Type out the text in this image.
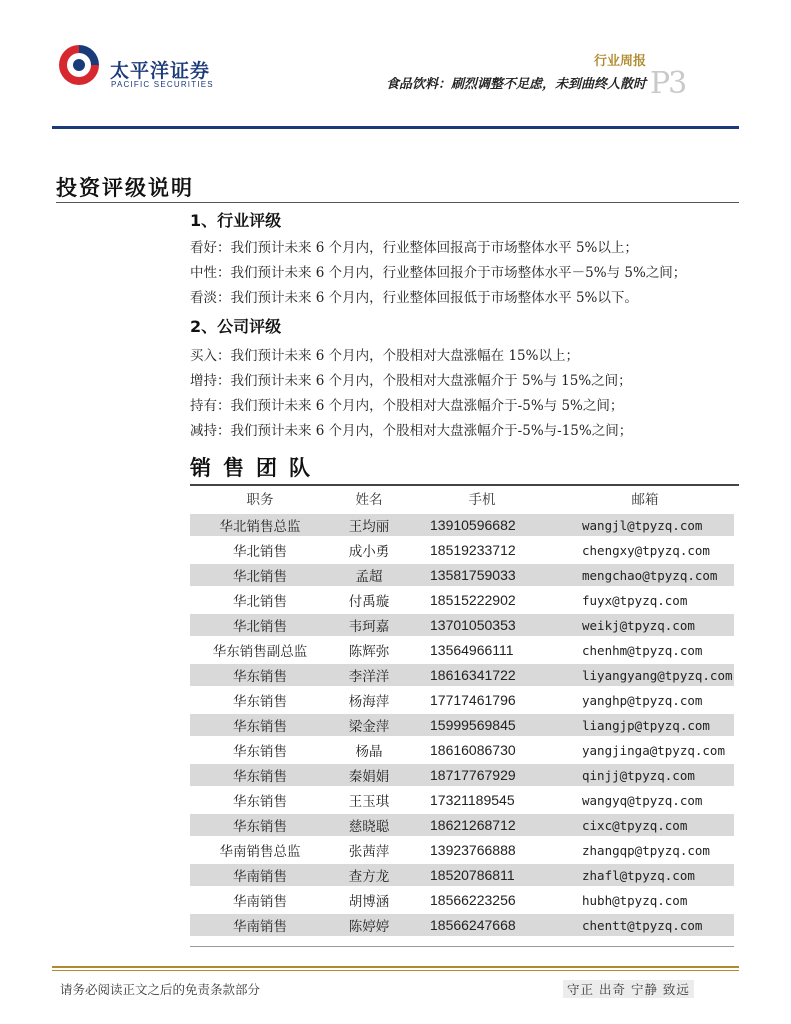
太平洋证券
PACIFIC SECURITIES
行业周报
食品饮料：刷烈调整不足虑，未到曲终人散时 P3
投资评级说明
1、行业评级
看好：我们预计未来 6 个月内，行业整体回报高于市场整体水平 5%以上；
中性：我们预计未来 6 个月内，行业整体回报介于市场整体水平－5%与 5%之间；
看淡：我们预计未来 6 个月内，行业整体回报低于市场整体水平 5%以下。
2、公司评级
买入：我们预计未来 6 个月内，个股相对大盘涨幅在 15%以上；
增持：我们预计未来 6 个月内，个股相对大盘涨幅介于 5%与 15%之间；
持有：我们预计未来 6 个月内，个股相对大盘涨幅介于-5%与 5%之间；
减持：我们预计未来 6 个月内，个股相对大盘涨幅介于-5%与-15%之间；
销售团队
职务	姓名	手机	邮箱
华北销售总监	王均丽	13910596682	wangjl@tpyzq.com
华北销售	成小勇	18519233712	chengxy@tpyzq.com
华北销售	孟超	13581759033	mengchao@tpyzq.com
华北销售	付禹璇	18515222902	fuyx@tpyzq.com
华北销售	韦珂嘉	13701050353	weikj@tpyzq.com
华东销售副总监	陈辉弥	13564966111	chenhm@tpyzq.com
华东销售	李洋洋	18616341722	liyangyang@tpyzq.com
华东销售	杨海萍	17717461796	yanghp@tpyzq.com
华东销售	梁金萍	15999569845	liangjp@tpyzq.com
华东销售	杨晶	18616086730	yangjinga@tpyzq.com
华东销售	秦娟娟	18717767929	qinjj@tpyzq.com
华东销售	王玉琪	17321189545	wangyq@tpyzq.com
华东销售	慈晓聪	18621268712	cixc@tpyzq.com
华南销售总监	张茜萍	13923766888	zhangqp@tpyzq.com
华南销售	查方龙	18520786811	zhafl@tpyzq.com
华南销售	胡博涵	18566223256	hubh@tpyzq.com
华南销售	陈婷婷	18566247668	chentt@tpyzq.com
请务必阅读正文之后的免责条款部分	守正 出奇 宁静 致远
